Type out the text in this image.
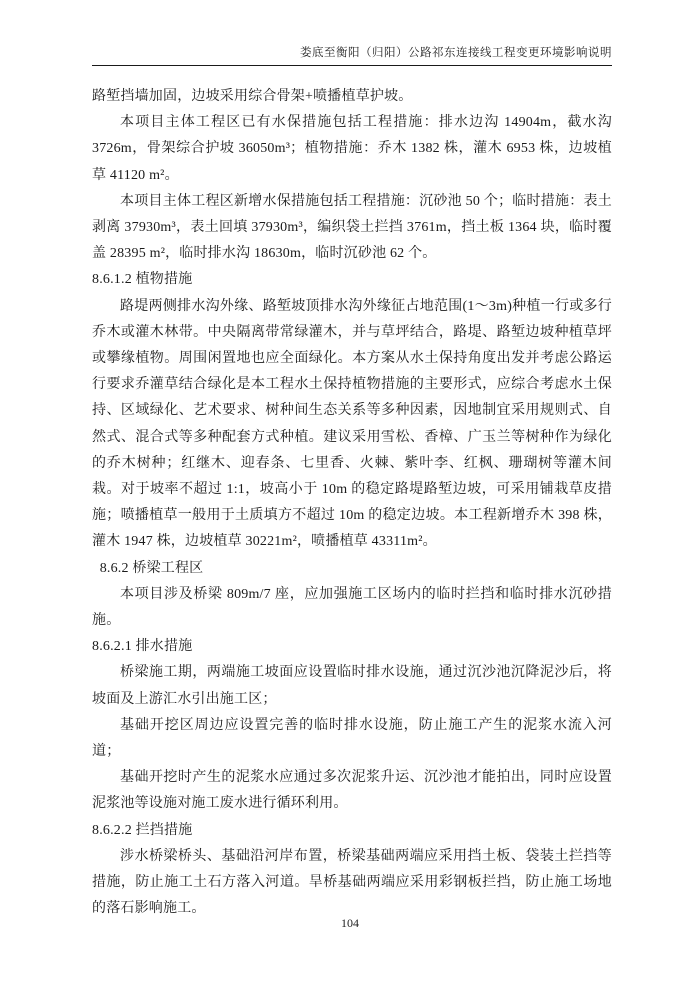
娄底至衡阳（归阳）公路祁东连接线工程变更环境影响说明

路堑挡墙加固，边坡采用综合骨架+喷播植草护坡。

本项目主体工程区已有水保措施包括工程措施：排水边沟 14904m，截水沟 3726m，骨架综合护坡 36050m³；植物措施：乔木 1382 株，灌木 6953 株，边坡植草 41120 m²。

本项目主体工程区新增水保措施包括工程措施：沉砂池 50 个；临时措施：表土剥离 37930m³，表土回填 37930m³，编织袋土拦挡 3761m，挡土板 1364 块，临时覆盖 28395 m²，临时排水沟 18630m，临时沉砂池 62 个。

8.6.1.2 植物措施

路堤两侧排水沟外缘、路堑坡顶排水沟外缘征占地范围(1～3m)种植一行或多行乔木或灌木林带。中央隔离带常绿灌木，并与草坪结合，路堤、路堑边坡种植草坪或攀缘植物。周围闲置地也应全面绿化。本方案从水土保持角度出发并考虑公路运行要求乔灌草结合绿化是本工程水土保持植物措施的主要形式，应综合考虑水土保持、区域绿化、艺术要求、树种间生态关系等多种因素，因地制宜采用规则式、自然式、混合式等多种配套方式种植。建议采用雪松、香樟、广玉兰等树种作为绿化的乔木树种；红继木、迎春条、七里香、火棘、紫叶李、红枫、珊瑚树等灌木间栽。对于坡率不超过 1:1，坡高小于 10m 的稳定路堤路堑边坡，可采用铺栽草皮措施；喷播植草一般用于土质填方不超过 10m 的稳定边坡。本工程新增乔木 398 株，灌木 1947 株，边坡植草 30221m²，喷播植草 43311m²。

8.6.2 桥梁工程区

本项目涉及桥梁 809m/7 座，应加强施工区场内的临时拦挡和临时排水沉砂措施。

8.6.2.1 排水措施

桥梁施工期，两端施工坡面应设置临时排水设施，通过沉沙池沉降泥沙后，将坡面及上游汇水引出施工区；

基础开挖区周边应设置完善的临时排水设施，防止施工产生的泥浆水流入河道；

基础开挖时产生的泥浆水应通过多次泥浆升运、沉沙池才能拍出，同时应设置泥浆池等设施对施工废水进行循环利用。

8.6.2.2 拦挡措施

涉水桥梁桥头、基础沿河岸布置，桥梁基础两端应采用挡土板、袋装土拦挡等措施，防止施工土石方落入河道。旱桥基础两端应采用彩钢板拦挡，防止施工场地的落石影响施工。

104
